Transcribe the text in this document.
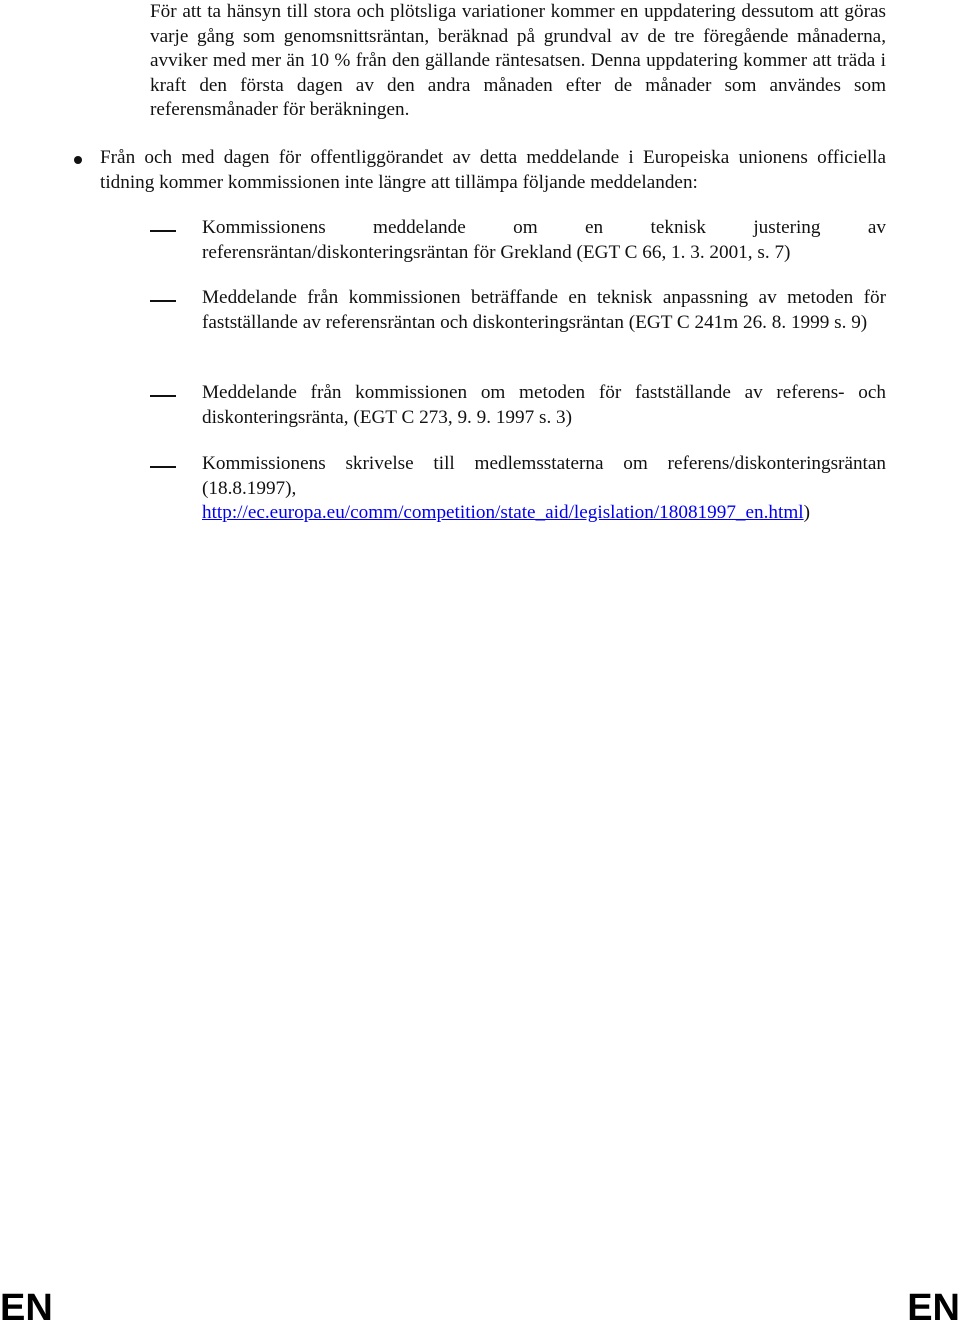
För att ta hänsyn till stora och plötsliga variationer kommer en uppdatering dessutom att göras varje gång som genomsnittsräntan, beräknad på grundval av de tre föregående månaderna, avviker med mer än 10 % från den gällande räntesatsen. Denna uppdatering kommer att träda i kraft den första dagen av den andra månaden efter de månader som användes som referensmånader för beräkningen.

Från och med dagen för offentliggörandet av detta meddelande i Europeiska unionens officiella tidning kommer kommissionen inte längre att tillämpa följande meddelanden:

Kommissionens meddelande om en teknisk justering av referensräntan/diskonteringsräntan för Grekland (EGT C 66, 1. 3. 2001, s. 7)

Meddelande från kommissionen beträffande en teknisk anpassning av metoden för fastställande av referensräntan och diskonteringsräntan (EGT C 241m 26. 8. 1999 s. 9)

Meddelande från kommissionen om metoden för fastställande av referens- och diskonteringsränta, (EGT C 273, 9. 9. 1997 s. 3)

Kommissionens skrivelse till medlemsstaterna om referens/diskonteringsräntan (18.8.1997),
http://ec.europa.eu/comm/competition/state_aid/legislation/18081997_en.html)

EN	EN
